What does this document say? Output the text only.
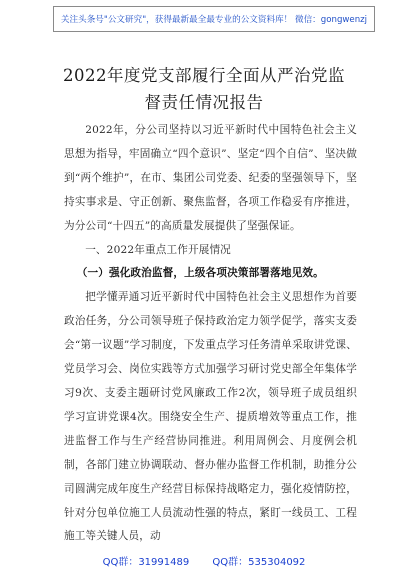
关注头条号"公文研究"，获得最新最全最专业的公文资料库！ 微信：gongwenzj
2022年度党支部履行全面从严治党监
督责任情况报告

2022年，分公司坚持以习近平新时代中国特色社会主义思想为指导，牢固确立“四个意识”、坚定“四个自信”、坚决做到“两个维护”，在市、集团公司党委、纪委的坚强领导下，坚持实事求是、守正创新、聚焦监督，各项工作稳妥有序推进，为分公司“十四五”的高质量发展提供了坚强保证。

一、2022年重点工作开展情况
（一）强化政治监督，上级各项决策部署落地见效。

把学懂弄通习近平新时代中国特色社会主义思想作为首要政治任务，分公司领导班子保持政治定力领学促学，落实支委会“第一议题”学习制度，下发重点学习任务清单采取讲党课、党员学习会、岗位实践等方式加强学习研讨党史部全年集体学习9次、支委主题研讨党风廉政工作2次，领导班子成员组织学习宣讲党课4次。围绕安全生产、提质增效等重点工作，推进监督工作与生产经营协同推进。利用周例会、月度例会机制，各部门建立协调联动、督办催办监督工作机制，助推分公司圆满完成年度生产经营目标保持战略定力，强化疫情防控，针对分包单位施工人员流动性强的特点，紧盯一线员工、工程施工等关键人员，动

QQ群：31991489 QQ群：535304092
